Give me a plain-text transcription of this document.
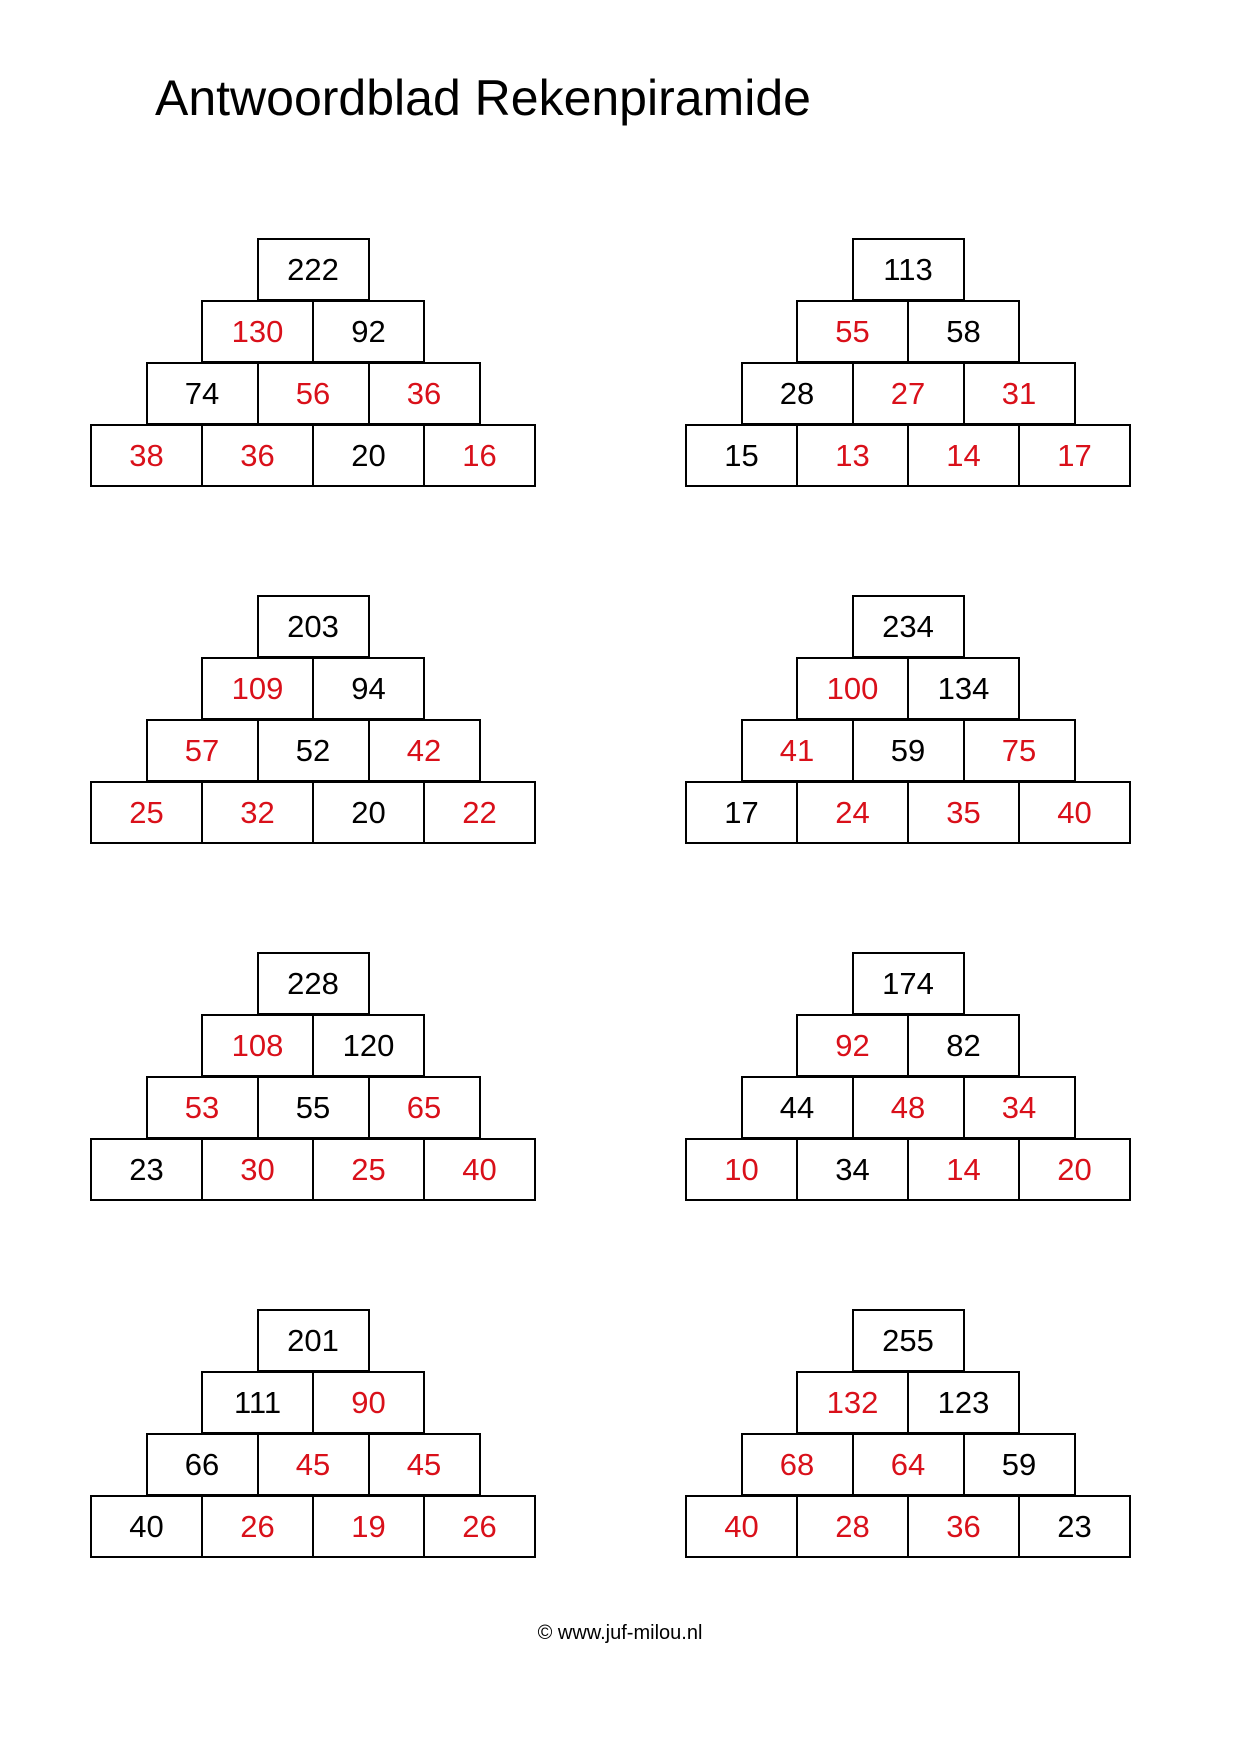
Antwoordblad Rekenpiramide
222
130	92
74	56	36
38	36	20	16
113
55	58
28	27	31
15	13	14	17
203
109	94
57	52	42
25	32	20	22
234
100	134
41	59	75
17	24	35	40
228
108	120
53	55	65
23	30	25	40
174
92	82
44	48	34
10	34	14	20
201
111	90
66	45	45
40	26	19	26
255
132	123
68	64	59
40	28	36	23
© www.juf-milou.nl
